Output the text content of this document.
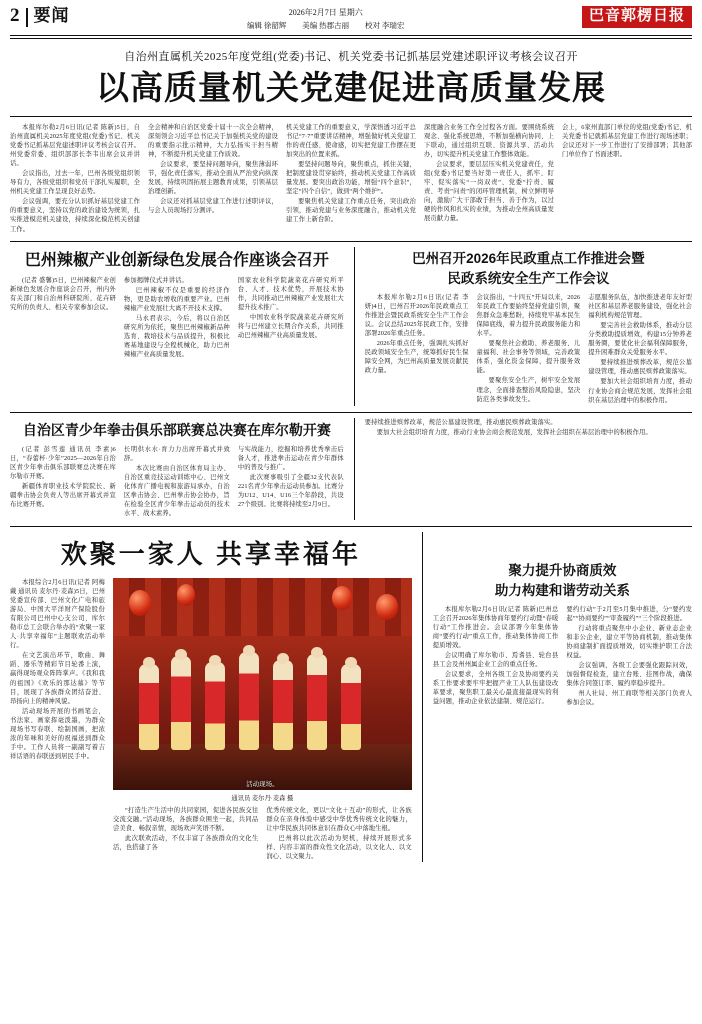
2 要闻	2026年2月7日 星期六
编辑 徐韶辉 美编 热郡古丽 校对 李瑞宏
巴音郭楞日报
自治州直属机关2025年度党组(党委)书记、机关党委书记抓基层党建述职评议考核会议召开
以高质量机关党建促进高质量发展

本报库尔勒2月6日讯(记者 陈新)5日，自治州直属机关2025年度党组(党委)书记、机关党委书记抓基层党建述职评议考核会议召开。州党委常委、组织部部长李韦出席会议并讲话。

会议指出，过去一年，巴州各级党组织领导有力，各级党组织和党员干部扎实履职，全州机关党建工作呈现良好态势。

会议强调，要充分认识抓好基层党建工作的重要意义，坚持以党的政治建设为统领，扎实推进模范机关建设，持续深化模范机关创建工作。

全会精神和自治区党委十届十一次全会精神，深刻领会习近平总书记关于加强机关党的建设的重要指示批示精神，大力弘扬实干担当精神，不断提升机关党建工作质效。

会议要求，要坚持问题导向，聚焦薄弱环节，强化责任落实，推动全面从严治党向纵深发展，持续巩固拓展主题教育成果，引领基层治理创新。

会议还对抓基层党建工作进行述职评议，与会人员现场打分测评。

机关党建工作的重要意义，学深悟透习近平总书记“7·7”重要讲话精神，增强做好机关党建工作的责任感、使命感，切实把党建工作摆在更加突出的位置来抓。

要坚持问题导向，聚焦重点，抓住关键，把制度建设贯穿始终，推动机关党建工作高质量发展。要突出政治功能，增强“四个意识”，坚定“四个自信”，做到“两个维护”。

要聚焦机关党建工作重点任务，突出政治引领，推动党建与业务深度融合，推动机关党建工作上新台阶。

深度融合业务工作全过程各方面。要围绕系统观念、强化系统思维，不断加强横向协同、上下联动，通过组织互联、资源共享、活动共办，切实提升机关党建工作整体效能。

会议要求，要层层压实机关党建责任，党组(党委)书记要当好第一责任人，抓牢、盯牢、促实落实“一岗双责”、党委“拧责、履责、考责”问责”的闭环管理机制，树立鲜明导向，激励广大干部敢于担当、善于作为，以过硬的作风和扎实的业绩，为推动全州高质量发展贡献力量。

会上，6家州直部门单位的党组(党委)书记、机关党委书记就抓基层党建工作进行现场述职；会议还对下一步工作进行了安排部署；其他部门单位作了书面述职。

巴州辣椒产业创新绿色发展合作座谈会召开

(记者 盛馨)5日，巴州辣椒产业创新绿色发展合作座谈会召开，州内外有关部门和自治州科研院所、花卉研究所的负责人、相关专家参加会议。

参加揭牌仪式并讲话。

巴州辣椒不仅是重要的经济作物，更是助农增收的重要产业。巴州辣椒产业发展壮大离不开技术支撑。

马永君表示，今后，将以自治区研究所为依托，聚焦巴州辣椒新品种选育、栽培技术与品质提升，积极比赛基地建设与全程机械化，助力巴州辣椒产业高质量发展。

国家农业科学院蔬菜花卉研究所平台、人才、技术优势，开展技术协作，共同推动巴州辣椒产业发展壮大提升技术推广。

中国农业科学院蔬菜花卉研究所将与巴州建立长期合作关系，共同推动巴州辣椒产业高质量发展。

巴州召开2026年民政重点工作推进会暨
民政系统安全生产工作会议

本报库尔勒2月6日讯(记者 李妍)4日，巴州召开2026年民政重点工作推进会暨民政系统安全生产工作会议。会议总结2025年民政工作，安排部署2026年重点任务。

2026年重点任务，强调扎实抓好民政领域安全生产，统筹抓好民生保障安全网，为巴州高质量发展贡献民政力量。

会议指出，“十四五”开局以来，2026年民政工作要始终坚持党建引领，聚焦群众急难愁盼，持续兜牢基本民生保障底线，着力提升民政服务能力和水平。

要聚焦社会救助、养老服务、儿童福利、社会事务等领域，完善政策体系，强化资金保障，提升服务效能。

要聚焦安全生产，树牢安全发展理念，全面排查整治风险隐患，坚决防范各类事故发生。

志愿服务队伍，加快推进老年友好型社区和基层养老服务建设，强化社会福利机构规范管理。

要完善社会救助体系，推动分层分类救助提质增效，构建15分钟养老服务圈，要优化社会福利保障服务，提升困难群众关爱服务水平。

要持续推进殡葬改革，规范公墓建设管理，推动惠民殡葬政策落实。

要加大社会组织培育力度，推动行业协会商会规范发展，发挥社会组织在基层治理中的积极作用。

自治区青少年拳击俱乐部联赛总决赛在库尔勒开赛

(记者 彭雪莲 通讯员 李素)6日，“春蕾杯·少年”2025—2026年自治区青少年拳击俱乐部联赛总决赛在库尔勒市开赛。

新疆体育职业技术学院院长、新疆拳击协会负责人等出席开幕式并宣布比赛开赛。

长明供水水·育力力出席开幕式并致辞。

本次比赛由自治区体育局主办、自治区重竞技运动训练中心、巴州文化体育广播电视和旅游局承办，自治区拳击协会、巴州拳击协会协办，旨在检验全区青少年拳击运动员的技术水平、战术素养。

与实战能力，挖掘和培养优秀拳击后备人才，推进拳击运动在青少年群体中的普及与推广。

此次赛事吸引了全疆32支代表队221名青少年拳击运动员参加。比赛分为U12、U14、U16三个年龄段，共设27个级别。比赛将持续至2月9日。

要持续推进殡葬改革，规范公墓建设管理，推动惠民殡葬政策落实。

要加大社会组织培育力度，推动行业协会商会规范发展，发挥社会组织在基层治理中的积极作用。

欢聚一家人 共享幸福年

本报综合2月6日讯(记者 阿梅戴 通讯员 麦尔丹·麦森)5日，巴州党委宣传部、巴州文化广电和旅游局、中国大平洋财产保险股份有限公司巴州中心支公司、库尔勒市总工会联合举办的“欢聚一家人·共享幸福年”主题联欢活动举行。

在文艺演出环节，歌曲、舞蹈、器乐等精彩节目轮番上演，赢得现场观众阵阵掌声。《我和我的祖国》《欢乐的那达慕》等节目，展现了各族群众团结奋进、昂扬向上的精神风貌。

活动现场开展的书画笔会，书法家、画家挥毫泼墨，为群众现场书写春联、绘制国画，把浓浓的年味和美好的祝福送到群众手中。工作人员将一副副写着吉祥话语的春联送到居民手中。

活动现场。
通讯员 麦尔丹·麦森 摄

“打造生产生活中的共同家园，促进各民族交往交流交融。”活动现场，各族群众围坐一起，共同品尝美食、畅叙亲情，现场欢声笑语不断。

此次联欢活动，不仅丰富了各族群众的文化生活，也搭建了各

优秀传统文化，更以“文化＋互动”的形式，让各族群众在亲身体验中感受中华优秀传统文化的魅力，让中华民族共同体意识在群众心中落地生根。

巴州将以此次活动为契机，持续开展形式多样、内容丰富的群众性文化活动，以文化人、以文润心、以文聚力。

聚力提升协商质效
助力构建和谐劳动关系

本报库尔勒2月6日讯(记者 陈新)巴州总工会召开2026年集体协商年要约行动暨“春暖行动”工作推进会。会议部署今年集体协商“要约行动”重点工作，推动集体协商工作提质增效。

会议明确了库尔勒市、焉耆县、轮台县县工会及州州属企业工会的重点任务。

会议要求，全州各级工会及协商要约关系工作要求要牢牢把握产业工人队伍建设改革要求，聚焦职工最关心最直接最现实的利益问题，推动企业依法建制、规范运行。

要约行动”于2月至5月集中推进，分“要约发起”“协商要约”“审查履约”“三个阶段推进。

行动将重点聚焦中小企业、新业态企业和非公企业，建立平等协商机制，推动集体协商建制扩面提质增效，切实维护职工合法权益。

会议强调，各级工会要强化跟踪问效，加强督促检查，建立台账、挂图作战，确保集体合同签订率、履约率稳步提升。

州人社局、州工商联等相关部门负责人参加会议。
